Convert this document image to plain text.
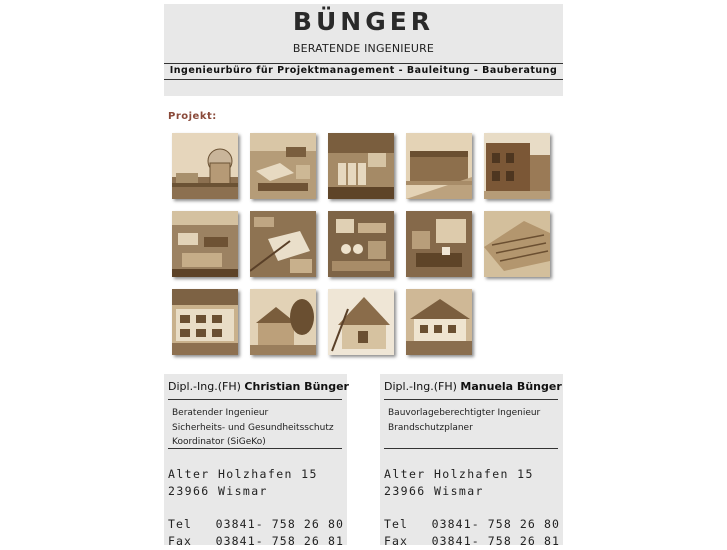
BÜNGER
BERATENDE INGENIEURE
Ingenieurbüro für Projektmanagement - Bauleitung - Bauberatung
Projekt:
Dipl.-Ing.(FH) Christian Bünger
Beratender Ingenieur
Sicherheits- und Gesundheitsschutz
Koordinator (SiGeKo)
Alter Holzhafen 15
23966 Wismar
Tel 03841- 758 26 80
Fax 03841- 758 26 81
Dipl.-Ing.(FH) Manuela Bünger
Bauvorlageberechtigter Ingenieur
Brandschutzplaner
Alter Holzhafen 15
23966 Wismar
Tel 03841- 758 26 80
Fax 03841- 758 26 81
